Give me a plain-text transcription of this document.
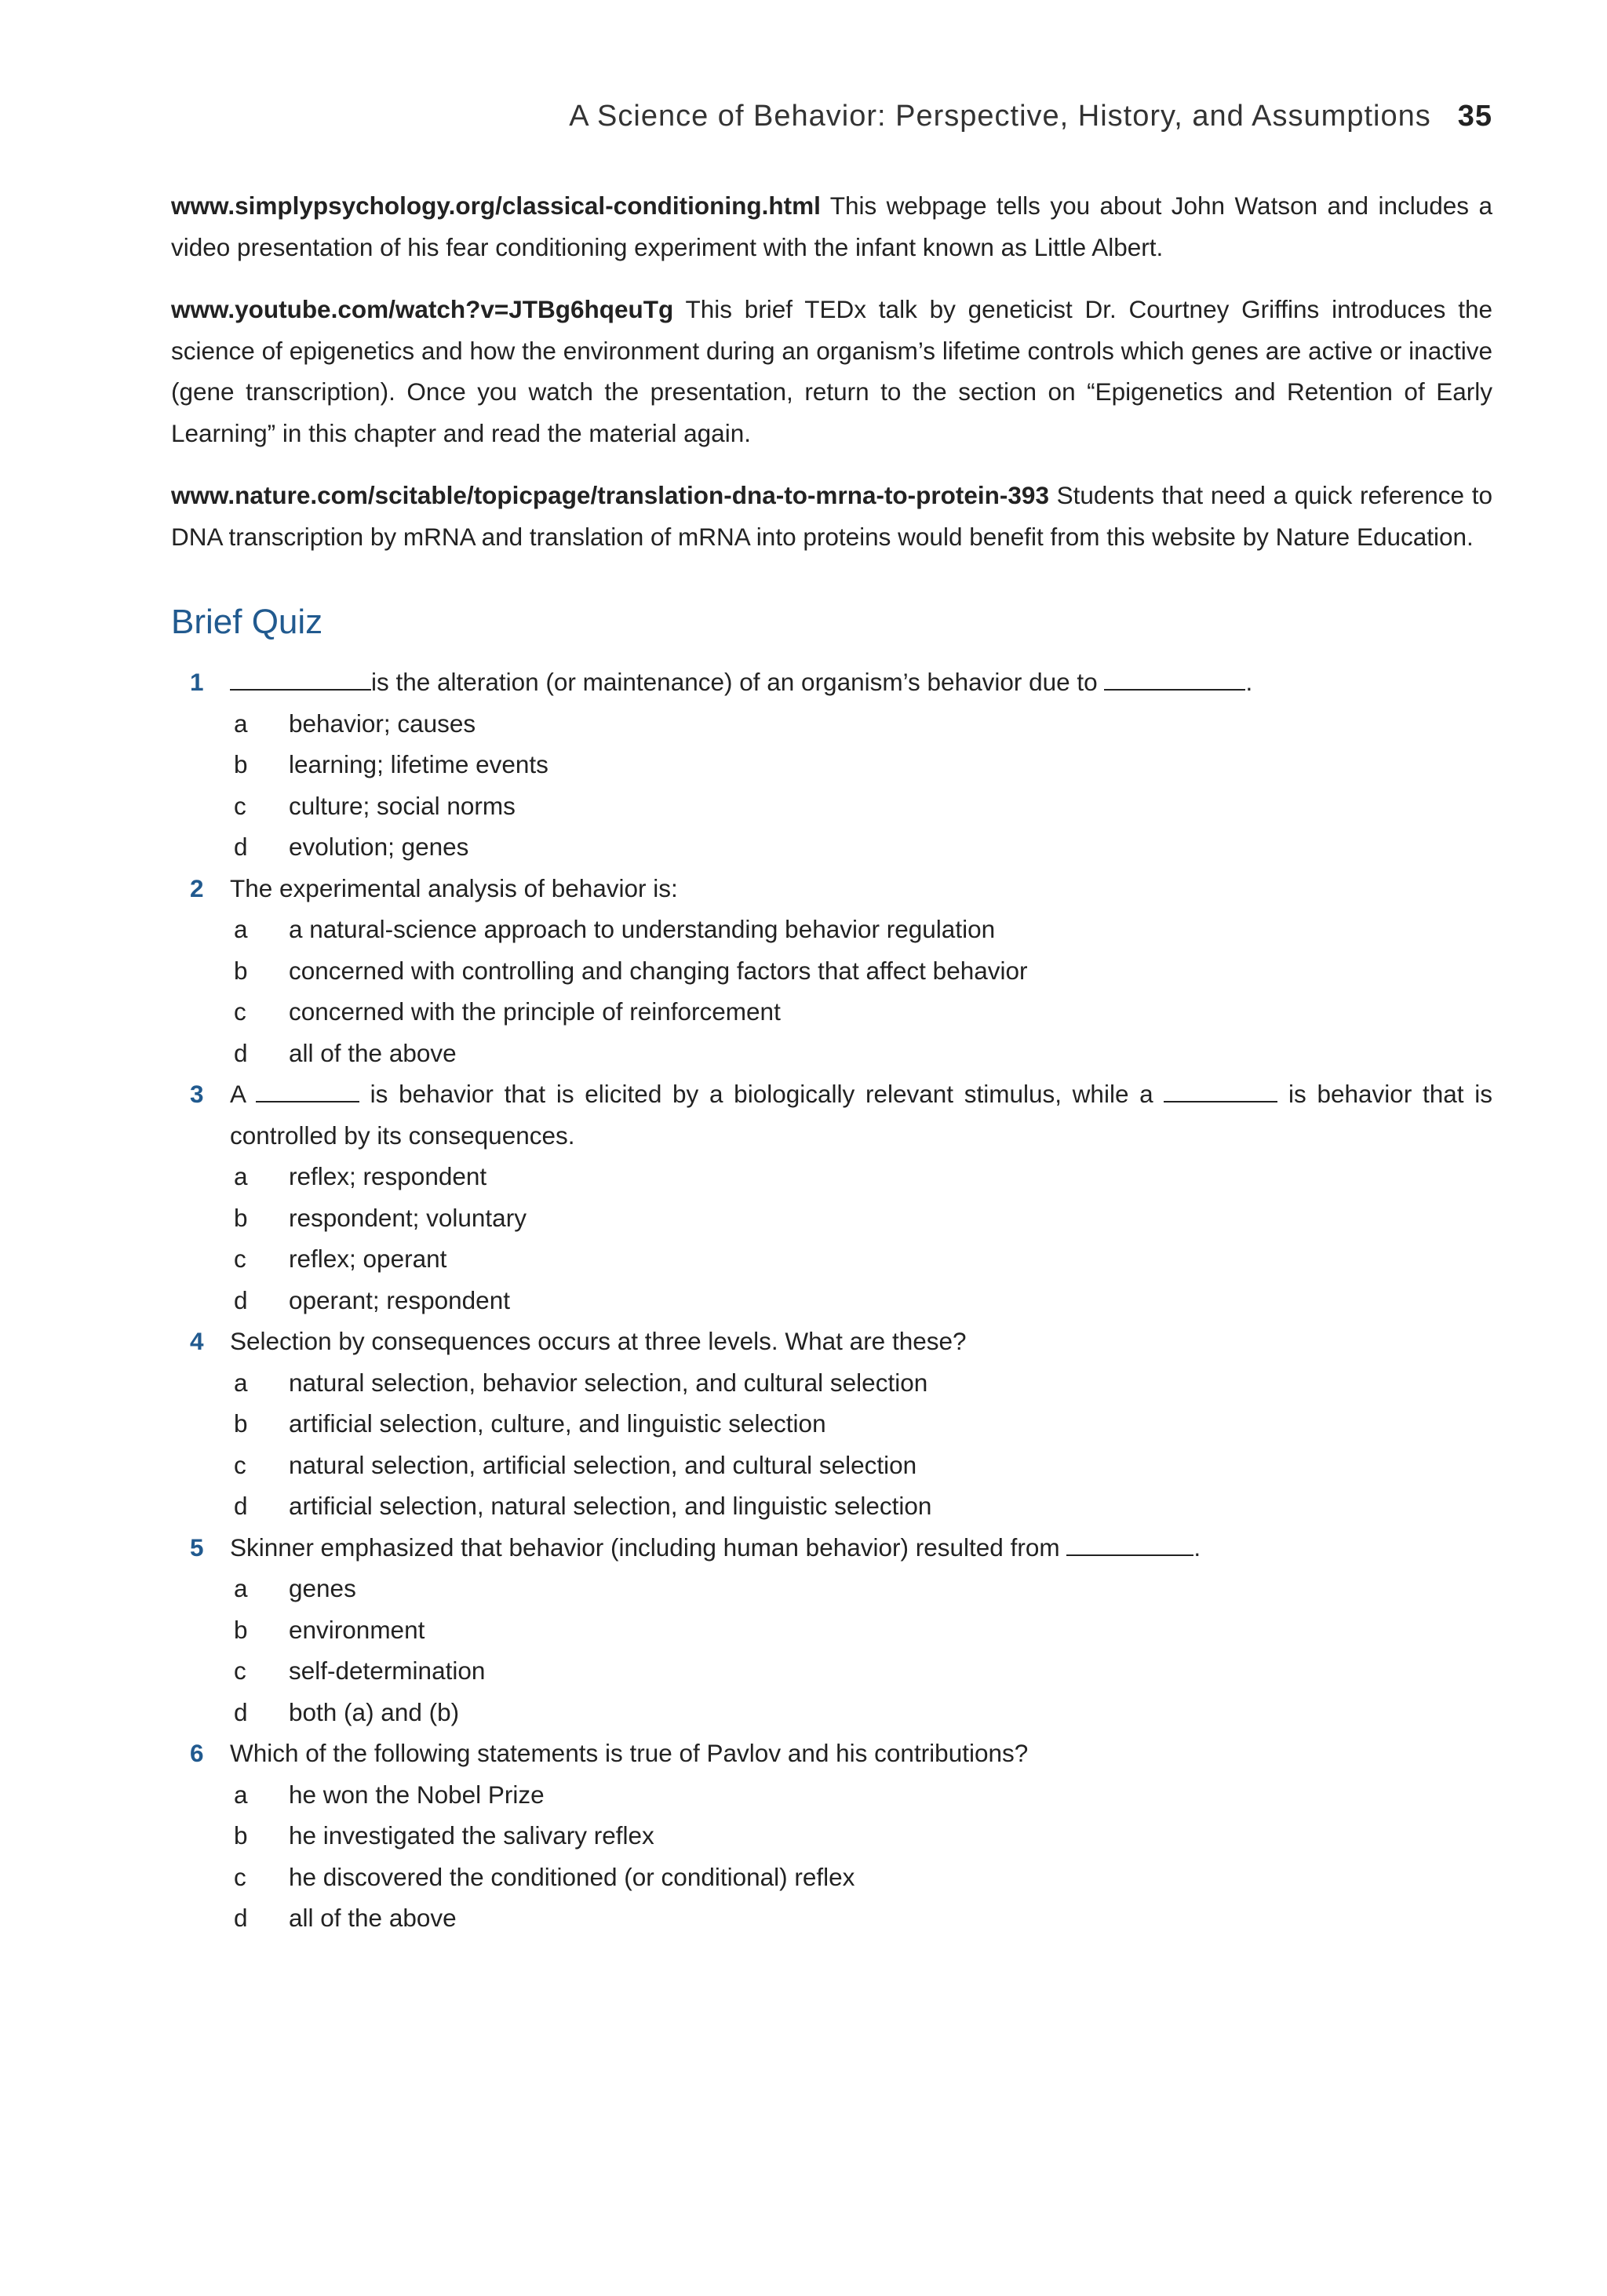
A Science of Behavior: Perspective, History, and Assumptions 35

www.simplypsychology.org/classical-conditioning.html This webpage tells you about John Watson and includes a video presentation of his fear conditioning experiment with the infant known as Little Albert.

www.youtube.com/watch?v=JTBg6hqeuTg This brief TEDx talk by geneticist Dr. Courtney Griffins introduces the science of epigenetics and how the environment during an organism’s lifetime controls which genes are active or inactive (gene transcription). Once you watch the presentation, return to the section on “Epigenetics and Retention of Early Learning” in this chapter and read the material again.

www.nature.com/scitable/topicpage/translation-dna-to-mrna-to-protein-393 Students that need a quick reference to DNA transcription by mRNA and translation of mRNA into proteins would benefit from this website by Nature Education.

Brief Quiz
1	is the alteration (or maintenance) of an organism’s behavior due to	.
a behavior; causes
b learning; lifetime events
c culture; social norms
d evolution; genes
2 The experimental analysis of behavior is:
a a natural-science approach to understanding behavior regulation
b concerned with controlling and changing factors that affect behavior
c concerned with the principle of reinforcement
d all of the above
3 A	is behavior that is elicited by a biologically relevant stimulus, while a	is behavior that is controlled by its consequences.
a reflex; respondent
b respondent; voluntary
c reflex; operant
d operant; respondent
4 Selection by consequences occurs at three levels. What are these?
a natural selection, behavior selection, and cultural selection
b artificial selection, culture, and linguistic selection
c natural selection, artificial selection, and cultural selection
d artificial selection, natural selection, and linguistic selection
5 Skinner emphasized that behavior (including human behavior) resulted from	.
a genes
b environment
c self-determination
d both (a) and (b)
6 Which of the following statements is true of Pavlov and his contributions?
a he won the Nobel Prize
b he investigated the salivary reflex
c he discovered the conditioned (or conditional) reflex
d all of the above
